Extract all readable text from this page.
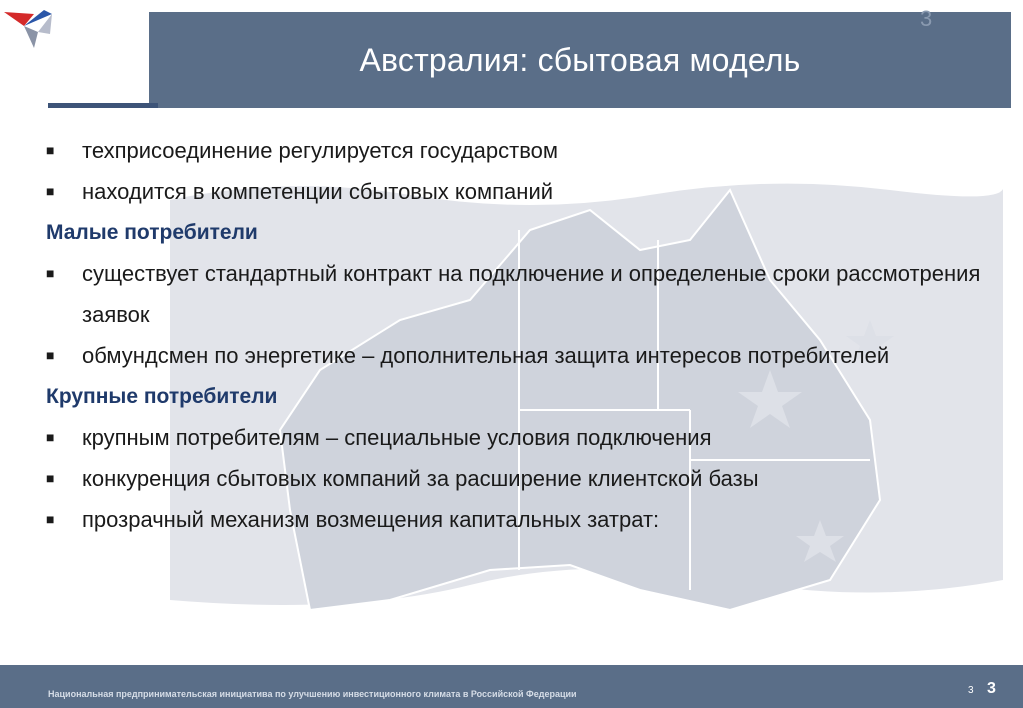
Австралия: сбытовая модель
3
■	техприсоединение регулируется государством
■	находится в компетенции сбытовых компаний
Малые потребители
■	существует стандартный контракт на подключение и определеные сроки рассмотрения заявок
■	обмундсмен по энергетике – дополнительная защита интересов потребителей
Крупные потребители
■	крупным потребителям – специальные условия подключения
■	конкуренция сбытовых компаний за расширение клиентской базы
■	прозрачный механизм возмещения капитальных затрат:
Национальная предпринимательская инициатива по улучшению инвестиционного климата в Российской Федерации	3 3
